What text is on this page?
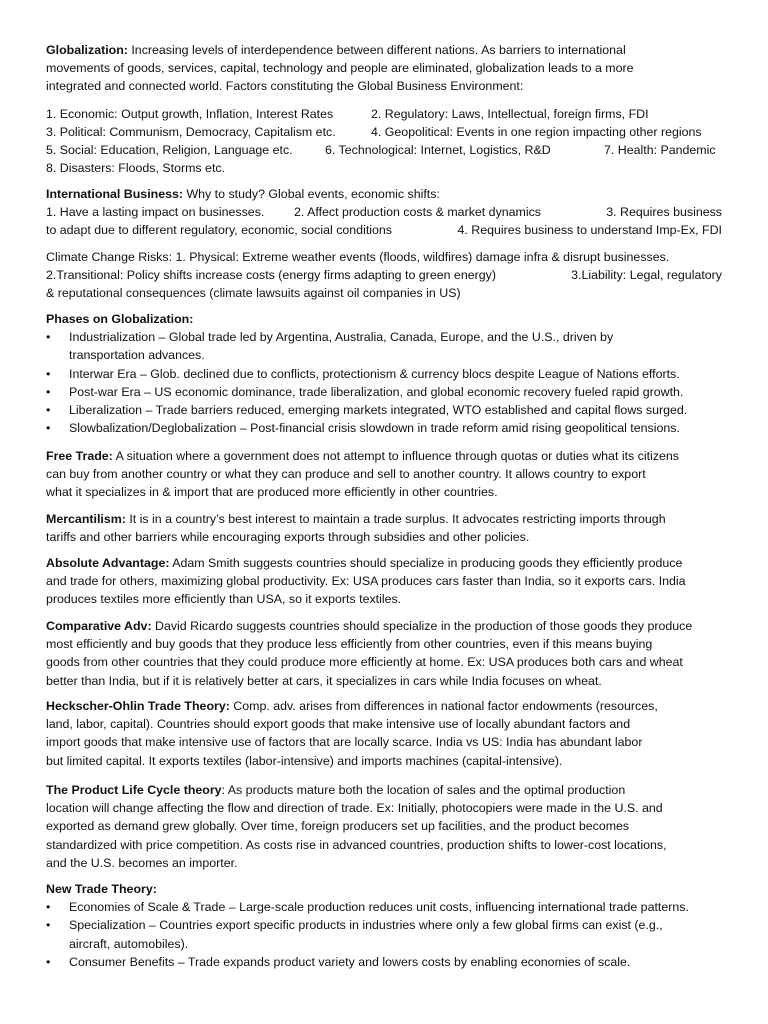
Globalization: Increasing levels of interdependence between different nations. As barriers to international
movements of goods, services, capital, technology and people are eliminated, globalization leads to a more
integrated and connected world. Factors constituting the Global Business Environment:
1. Economic: Output growth, Inflation, Interest Rates	2. Regulatory: Laws, Intellectual, foreign firms, FDI
3. Political: Communism, Democracy, Capitalism etc.	4. Geopolitical: Events in one region impacting other regions
5. Social: Education, Religion, Language etc.	6. Technological: Internet, Logistics, R&D	7. Health: Pandemic
8. Disasters: Floods, Storms etc.
International Business: Why to study? Global events, economic shifts:
1. Have a lasting impact on businesses. 2. Affect production costs & market dynamics	3. Requires business
to adapt due to different regulatory, economic, social conditions	4. Requires business to understand Imp-Ex, FDI
Climate Change Risks: 1. Physical: Extreme weather events (floods, wildfires) damage infra & disrupt businesses.
2.Transitional: Policy shifts increase costs (energy firms adapting to green energy)	3.Liability: Legal, regulatory
& reputational consequences (climate lawsuits against oil companies in US)
Phases on Globalization:
• Industrialization – Global trade led by Argentina, Australia, Canada, Europe, and the U.S., driven by
transportation advances.
• Interwar Era – Glob. declined due to conflicts, protectionism & currency blocs despite League of Nations efforts.
• Post-war Era – US economic dominance, trade liberalization, and global economic recovery fueled rapid growth.
• Liberalization – Trade barriers reduced, emerging markets integrated, WTO established and capital flows surged.
• Slowbalization/Deglobalization – Post-financial crisis slowdown in trade reform amid rising geopolitical tensions.
Free Trade: A situation where a government does not attempt to influence through quotas or duties what its citizens
can buy from another country or what they can produce and sell to another country. It allows country to export
what it specializes in & import that are produced more efficiently in other countries.
Mercantilism: It is in a country’s best interest to maintain a trade surplus. It advocates restricting imports through
tariffs and other barriers while encouraging exports through subsidies and other policies.
Absolute Advantage: Adam Smith suggests countries should specialize in producing goods they efficiently produce
and trade for others, maximizing global productivity. Ex: USA produces cars faster than India, so it exports cars. India
produces textiles more efficiently than USA, so it exports textiles.
Comparative Adv: David Ricardo suggests countries should specialize in the production of those goods they produce
most efficiently and buy goods that they produce less efficiently from other countries, even if this means buying
goods from other countries that they could produce more efficiently at home. Ex: USA produces both cars and wheat
better than India, but if it is relatively better at cars, it specializes in cars while India focuses on wheat.
Heckscher-Ohlin Trade Theory: Comp. adv. arises from differences in national factor endowments (resources,
land, labor, capital). Countries should export goods that make intensive use of locally abundant factors and
import goods that make intensive use of factors that are locally scarce. India vs US: India has abundant labor
but limited capital. It exports textiles (labor-intensive) and imports machines (capital-intensive).
The Product Life Cycle theory: As products mature both the location of sales and the optimal production
location will change affecting the flow and direction of trade. Ex: Initially, photocopiers were made in the U.S. and
exported as demand grew globally. Over time, foreign producers set up facilities, and the product becomes
standardized with price competition. As costs rise in advanced countries, production shifts to lower-cost locations,
and the U.S. becomes an importer.
New Trade Theory:
• Economies of Scale & Trade – Large-scale production reduces unit costs, influencing international trade patterns.
• Specialization – Countries export specific products in industries where only a few global firms can exist (e.g.,
aircraft, automobiles).
• Consumer Benefits – Trade expands product variety and lowers costs by enabling economies of scale.
